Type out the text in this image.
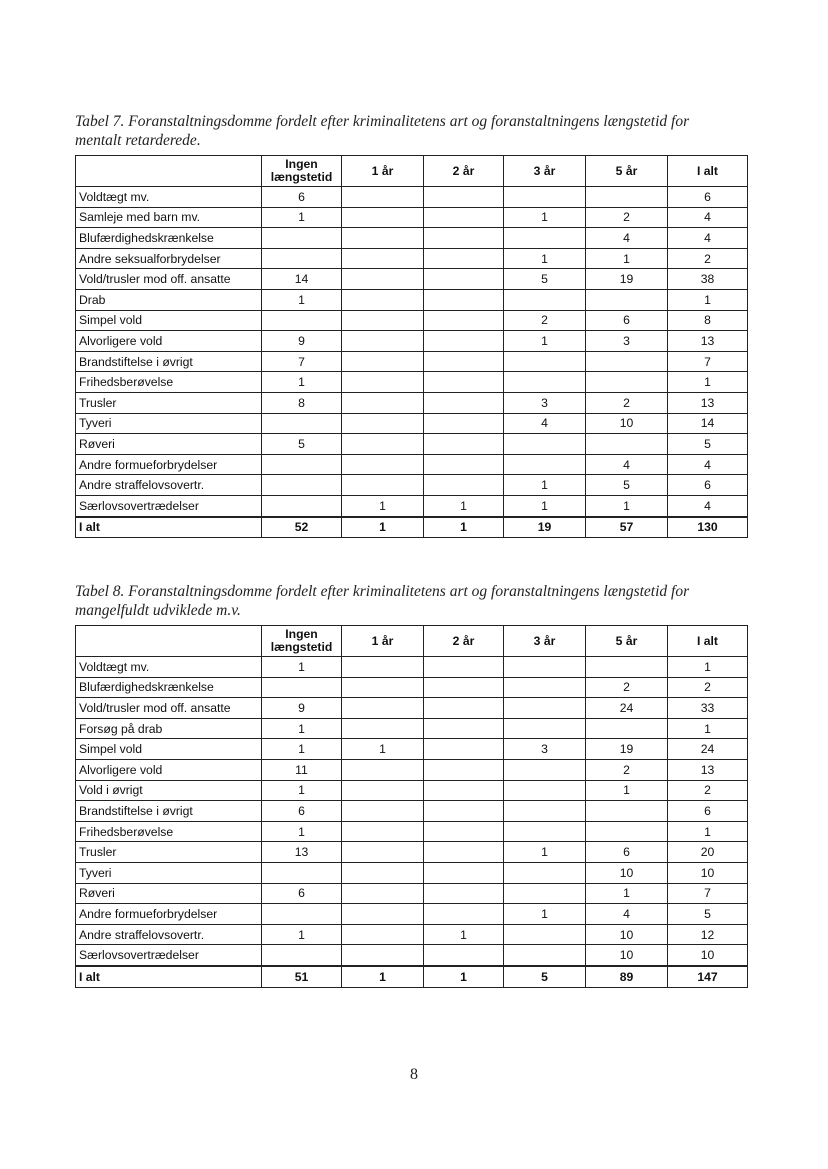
Tabel 7. Foranstaltningsdomme fordelt efter kriminalitetens art og foranstaltningens længstetid for
mentalt retarderede.
	Ingen længstetid	1 år	2 år	3 år	5 år	I alt
Voldtægt mv.	6					6
Samleje med barn mv.	1			1	2	4
Blufærdighedskrænkelse					4	4
Andre seksualforbrydelser				1	1	2
Vold/trusler mod off. ansatte	14			5	19	38
Drab	1					1
Simpel vold				2	6	8
Alvorligere vold	9			1	3	13
Brandstiftelse i øvrigt	7					7
Frihedsberøvelse	1					1
Trusler	8			3	2	13
Tyveri				4	10	14
Røveri	5					5
Andre formueforbrydelser					4	4
Andre straffelovsovertr.				1	5	6
Særlovsovertrædelser		1	1	1	1	4
I alt	52	1	1	19	57	130
Tabel 8. Foranstaltningsdomme fordelt efter kriminalitetens art og foranstaltningens længstetid for
mangelfuldt udviklede m.v.
	Ingen længstetid	1 år	2 år	3 år	5 år	I alt
Voldtægt mv.	1					1
Blufærdighedskrænkelse					2	2
Vold/trusler mod off. ansatte	9				24	33
Forsøg på drab	1					1
Simpel vold	1	1		3	19	24
Alvorligere vold	11				2	13
Vold i øvrigt	1				1	2
Brandstiftelse i øvrigt	6					6
Frihedsberøvelse	1					1
Trusler	13			1	6	20
Tyveri					10	10
Røveri	6				1	7
Andre formueforbrydelser				1	4	5
Andre straffelovsovertr.	1		1		10	12
Særlovsovertrædelser					10	10
I alt	51	1	1	5	89	147
8
